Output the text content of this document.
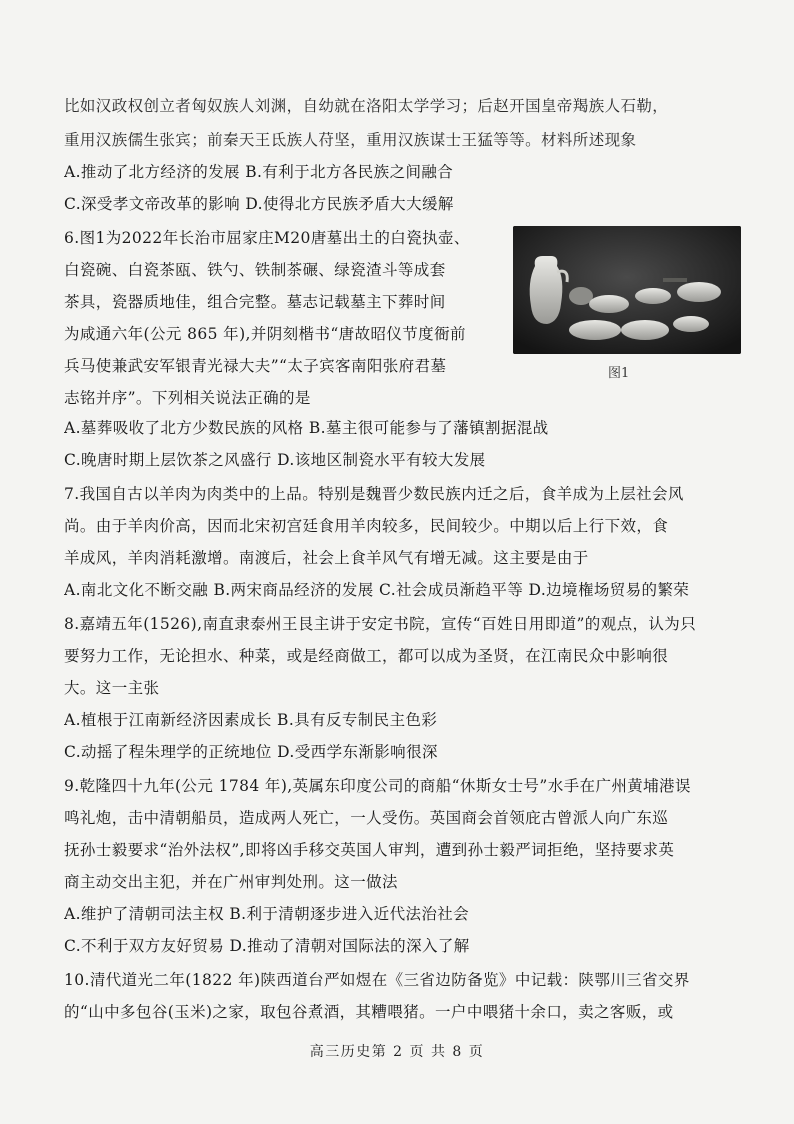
比如汉政权创立者匈奴族人刘渊，自幼就在洛阳太学学习；后赵开国皇帝羯族人石勒，
重用汉族儒生张宾；前秦天王氐族人苻坚，重用汉族谋士王猛等等。材料所述现象
A.推动了北方经济的发展 B.有利于北方各民族之间融合
C.深受孝文帝改革的影响 D.使得北方民族矛盾大大缓解
6.图1为2022年长治市屈家庄M20唐墓出土的白瓷执壶、
白瓷碗、白瓷茶瓯、铁勺、铁制茶碾、绿瓷渣斗等成套
茶具，瓷器质地佳，组合完整。墓志记载墓主下葬时间
为咸通六年(公元 865 年),并阴刻楷书“唐故昭仪节度衙前
兵马使兼武安军银青光禄大夫”“太子宾客南阳张府君墓
志铭并序”。下列相关说法正确的是
图1
A.墓葬吸收了北方少数民族的风格 B.墓主很可能参与了藩镇割据混战
C.晚唐时期上层饮茶之风盛行 D.该地区制瓷水平有较大发展
7.我国自古以羊肉为肉类中的上品。特别是魏晋少数民族内迁之后，食羊成为上层社会风
尚。由于羊肉价高，因而北宋初宫廷食用羊肉较多，民间较少。中期以后上行下效，食
羊成风，羊肉消耗激增。南渡后，社会上食羊风气有增无减。这主要是由于
A.南北文化不断交融 B.两宋商品经济的发展 C.社会成员渐趋平等 D.边境権场贸易的繁荣
8.嘉靖五年(1526),南直隶泰州王艮主讲于安定书院，宣传“百姓日用即道”的观点，认为只
要努力工作，无论担水、种菜，或是经商做工，都可以成为圣贤，在江南民众中影响很
大。这一主张
A.植根于江南新经济因素成长 B.具有反专制民主色彩
C.动摇了程朱理学的正统地位 D.受西学东渐影响很深
9.乾隆四十九年(公元 1784 年),英属东印度公司的商船“休斯女士号”水手在广州黄埔港误
鸣礼炮，击中清朝船员，造成两人死亡，一人受伤。英国商会首领庇古曾派人向广东巡
抚孙士毅要求“治外法权”,即将凶手移交英国人审判，遭到孙士毅严词拒绝，坚持要求英
商主动交出主犯，并在广州审判处刑。这一做法
A.维护了清朝司法主权 B.利于清朝逐步进入近代法治社会
C.不利于双方友好贸易 D.推动了清朝对国际法的深入了解
10.清代道光二年(1822 年)陕西道台严如煜在《三省边防备览》中记载：陕鄂川三省交界
的“山中多包谷(玉米)之家，取包谷煮酒，其糟喂猪。一户中喂猪十余口，卖之客贩，或
高三历史第 2 页 共 8 页
